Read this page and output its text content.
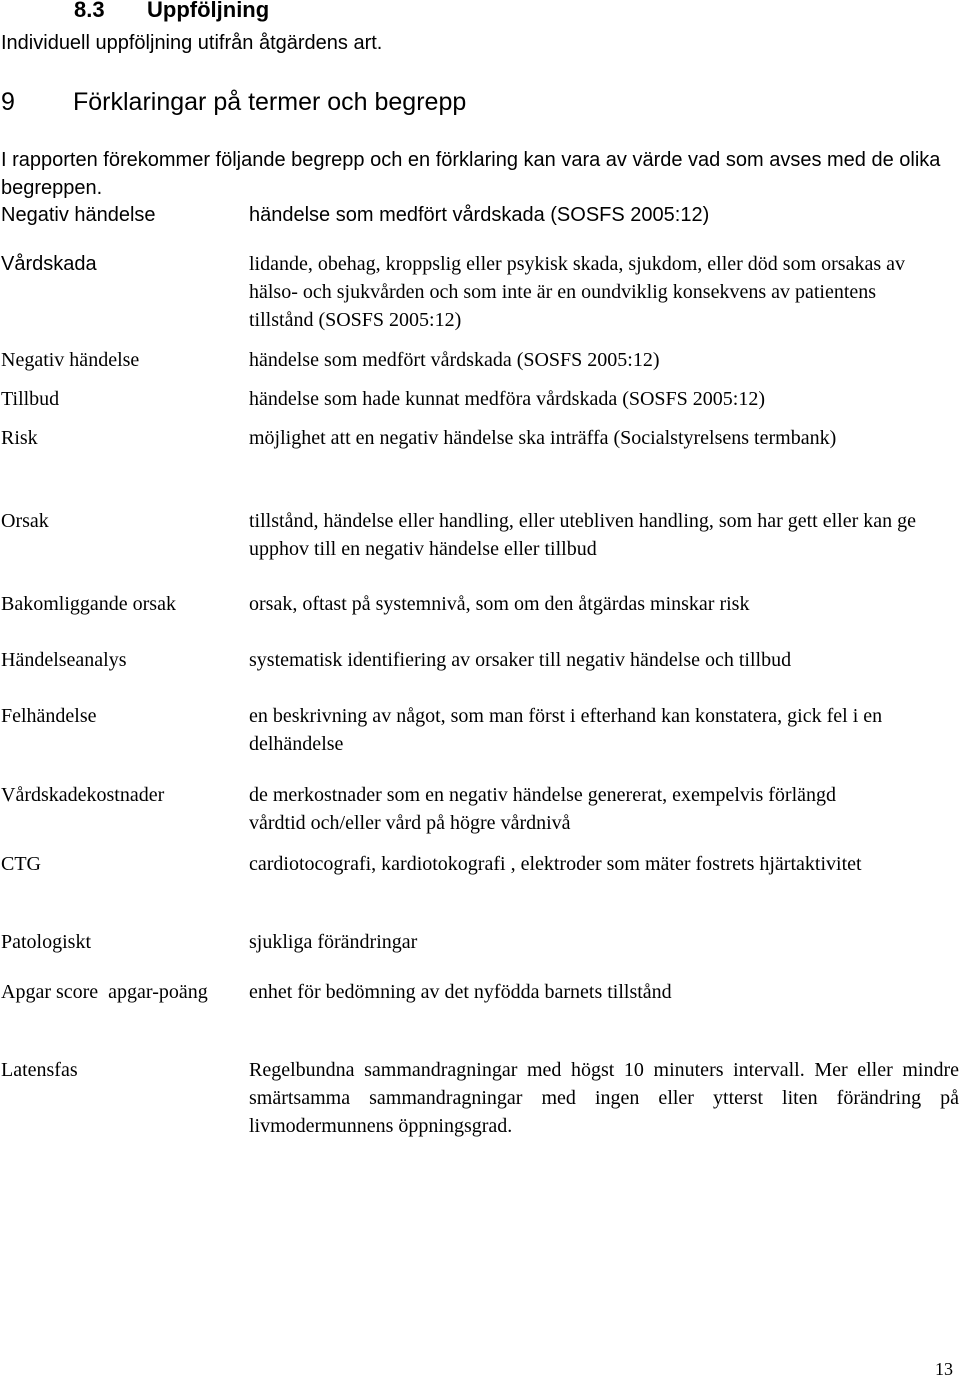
8.3 Uppföljning
Individuell uppföljning utifrån åtgärdens art.
9 Förklaringar på termer och begrepp
I rapporten förekommer följande begrepp och en förklaring kan vara av värde vad som avses med de olika begreppen.
Negativ händelse	händelse som medfört vårdskada (SOSFS 2005:12)
Vårdskada	lidande, obehag, kroppslig eller psykisk skada, sjukdom, eller död som orsakas av hälso- och sjukvården och som inte är en oundviklig konsekvens av patientens tillstånd (SOSFS 2005:12)
Negativ händelse	händelse som medfört vårdskada (SOSFS 2005:12)
Tillbud	händelse som hade kunnat medföra vårdskada (SOSFS 2005:12)
Risk	möjlighet att en negativ händelse ska inträffa (Socialstyrelsens termbank)
Orsak	tillstånd, händelse eller handling, eller utebliven handling, som har gett eller kan ge upphov till en negativ händelse eller tillbud
Bakomliggande orsak	orsak, oftast på systemnivå, som om den åtgärdas minskar risk
Händelseanalys	systematisk identifiering av orsaker till negativ händelse och tillbud
Felhändelse	en beskrivning av något, som man först i efterhand kan konstatera, gick fel i en delhändelse
Vårdskadekostnader	de merkostnader som en negativ händelse genererat, exempelvis förlängd vårdtid och/eller vård på högre vårdnivå
CTG	cardiotocografi, kardiotokografi , elektroder som mäter fostrets hjärtaktivitet
Patologiskt	sjukliga förändringar
Apgar score  apgar-poäng	enhet för bedömning av det nyfödda barnets tillstånd
Latensfas	Regelbundna sammandragningar med högst 10 minuters intervall. Mer eller mindre smärtsamma sammandragningar med ingen eller ytterst liten förändring på livmodermunnens öppningsgrad.
13
